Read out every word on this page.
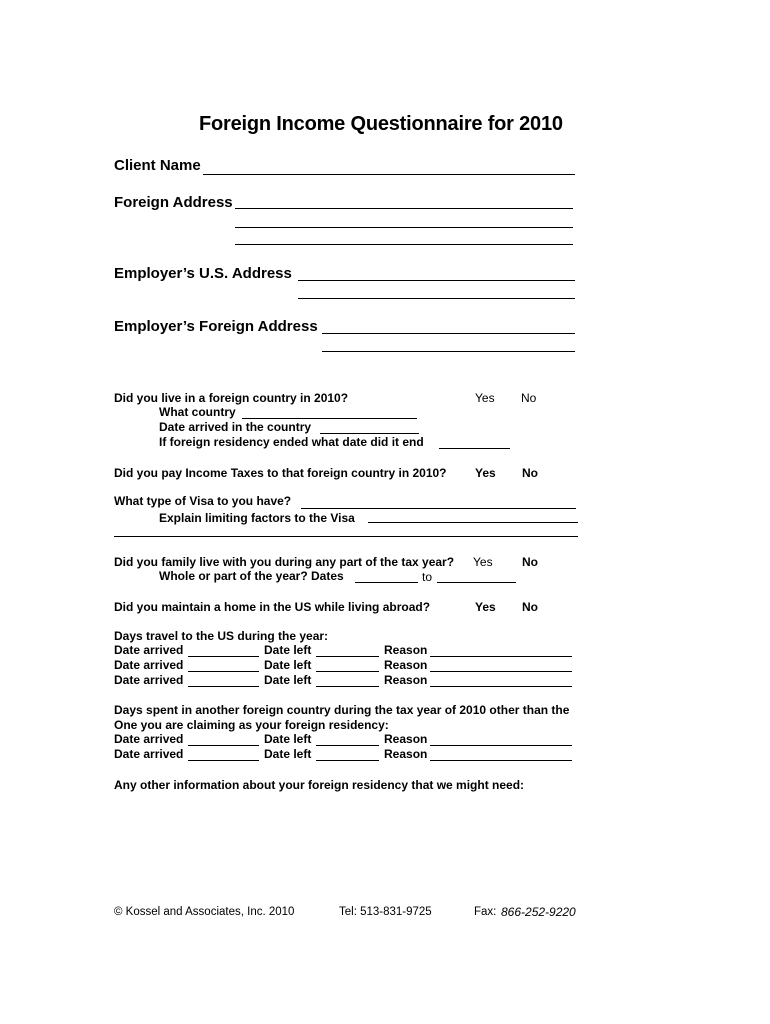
Foreign Income Questionnaire for 2010
Client Name
Foreign Address
Employer’s U.S. Address
Employer’s Foreign Address
Did you live in a foreign country in 2010?	Yes No
What country
Date arrived in the country
If foreign residency ended what date did it end
Did you pay Income Taxes to that foreign country in 2010? Yes No
What type of Visa to you have?
Explain limiting factors to the Visa
Did you family live with you during any part of the tax year? Yes No
Whole or part of the year? Dates	to
Did you maintain a home in the US while living abroad?	Yes No
Days travel to the US during the year:
Date arrived	Date left	Reason
Date arrived	Date left	Reason
Date arrived	Date left	Reason
Days spent in another foreign country during the tax year of 2010 other than the
One you are claiming as your foreign residency:
Date arrived	Date left	Reason
Date arrived	Date left	Reason
Any other information about your foreign residency that we might need:
© Kossel and Associates, Inc. 2010	Tel: 513-831-9725	Fax: 866-252-9220
